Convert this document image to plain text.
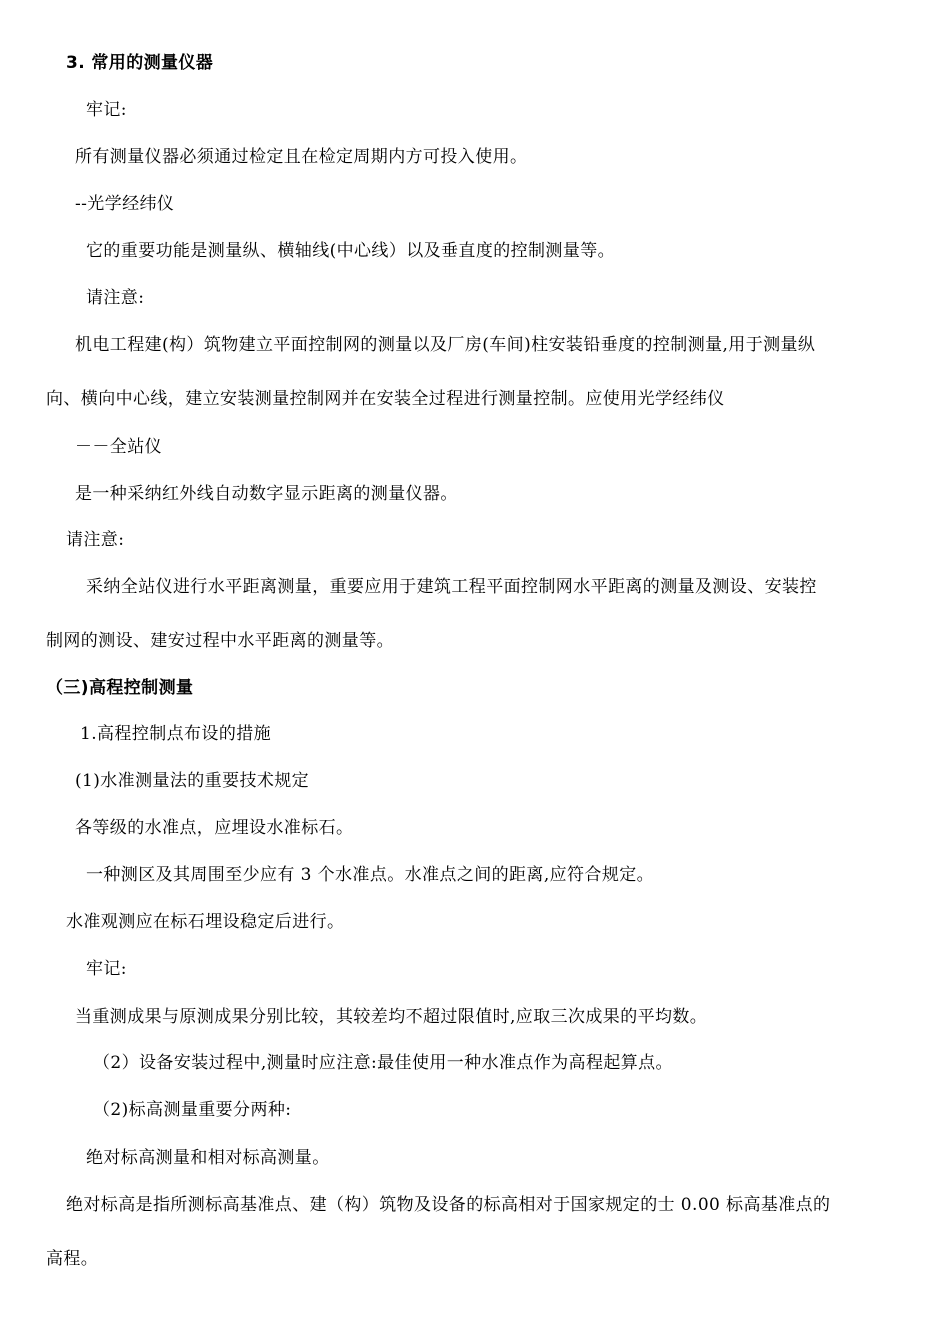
3. 常用的测量仪器
牢记:
所有测量仪器必须通过检定且在检定周期内方可投入使用。
--光学经纬仪
它的重要功能是测量纵、横轴线(中心线）以及垂直度的控制测量等。
请注意:
机电工程建(构）筑物建立平面控制网的测量以及厂房(车间)柱安装铅垂度的控制测量,用于测量纵
向、横向中心线，建立安装测量控制网并在安装全过程进行测量控制。应使用光学经纬仪
－－全站仪
是一种采纳红外线自动数字显示距离的测量仪器。
请注意:
采纳全站仪进行水平距离测量，重要应用于建筑工程平面控制网水平距离的测量及测设、安装控
制网的测设、建安过程中水平距离的测量等。
（三)高程控制测量
1.高程控制点布设的措施
(1)水准测量法的重要技术规定
各等级的水准点，应埋设水准标石。
一种测区及其周围至少应有 3 个水准点。水准点之间的距离,应符合规定。
水准观测应在标石埋设稳定后进行。
牢记:
当重测成果与原测成果分别比较，其较差均不超过限值时,应取三次成果的平均数。
（2）设备安装过程中,测量时应注意:最佳使用一种水准点作为高程起算点。
（2)标高测量重要分两种:
绝对标高测量和相对标高测量。
绝对标高是指所测标高基准点、建（构）筑物及设备的标高相对于国家规定的士 0.00 标高基准点的
高程。
